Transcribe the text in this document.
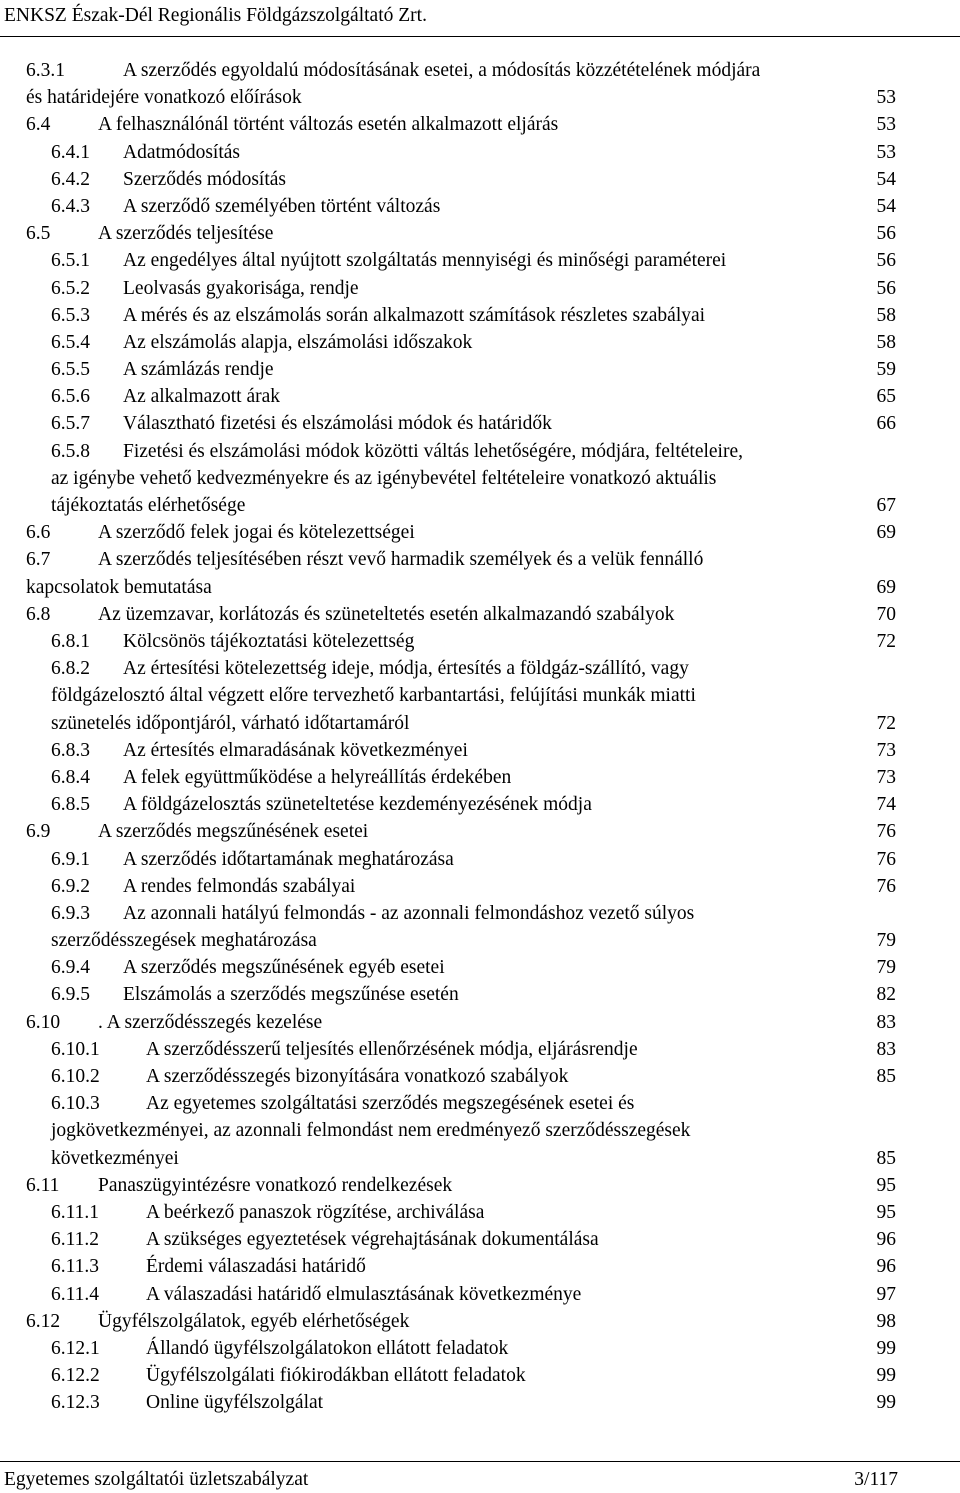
ENKSZ Észak-Dél Regionális Földgázszolgáltató Zrt.
6.3.1	A szerződés egyoldalú módosításának esetei, a módosítás közzétételének módjára
és határidejére vonatkozó előírások	53
6.4 A felhasználónál történt változás esetén alkalmazott eljárás	53
6.4.1 Adatmódosítás	53
6.4.2 Szerződés módosítás	54
6.4.3 A szerződő személyében történt változás	54
6.5 A szerződés teljesítése	56
6.5.1 Az engedélyes által nyújtott szolgáltatás mennyiségi és minőségi paraméterei	56
6.5.2 Leolvasás gyakorisága, rendje	56
6.5.3 A mérés és az elszámolás során alkalmazott számítások részletes szabályai	58
6.5.4 Az elszámolás alapja, elszámolási időszakok	58
6.5.5 A számlázás rendje	59
6.5.6 Az alkalmazott árak	65
6.5.7 Választható fizetési és elszámolási módok és határidők	66
6.5.8 Fizetési és elszámolási módok közötti váltás lehetőségére, módjára, feltételeire,
az igénybe vehető kedvezményekre és az igénybevétel feltételeire vonatkozó aktuális
tájékoztatás elérhetősége	67
6.6 A szerződő felek jogai és kötelezettségei	69
6.7 A szerződés teljesítésében részt vevő harmadik személyek és a velük fennálló
kapcsolatok bemutatása	69
6.8 Az üzemzavar, korlátozás és szüneteltetés esetén alkalmazandó szabályok	70
6.8.1 Kölcsönös tájékoztatási kötelezettség	72
6.8.2 Az értesítési kötelezettség ideje, módja, értesítés a földgáz-szállító, vagy
földgázelosztó által végzett előre tervezhető karbantartási, felújítási munkák miatti
szünetelés időpontjáról, várható időtartamáról	72
6.8.3 Az értesítés elmaradásának következményei	73
6.8.4 A felek együttműködése a helyreállítás érdekében	73
6.8.5 A földgázelosztás szüneteltetése kezdeményezésének módja	74
6.9 A szerződés megszűnésének esetei	76
6.9.1 A szerződés időtartamának meghatározása	76
6.9.2 A rendes felmondás szabályai	76
6.9.3 Az azonnali hatályú felmondás - az azonnali felmondáshoz vezető súlyos
szerződésszegések meghatározása	79
6.9.4 A szerződés megszűnésének egyéb esetei	79
6.9.5 Elszámolás a szerződés megszűnése esetén	82
6.10 . A szerződésszegés kezelése	83
6.10.1 A szerződésszerű teljesítés ellenőrzésének módja, eljárásrendje	83
6.10.2 A szerződésszegés bizonyítására vonatkozó szabályok	85
6.10.3 Az egyetemes szolgáltatási szerződés megszegésének esetei és
jogkövetkezményei, az azonnali felmondást nem eredményező szerződésszegések
következményei	85
6.11 Panaszügyintézésre vonatkozó rendelkezések	95
6.11.1 A beérkező panaszok rögzítése, archiválása	95
6.11.2 A szükséges egyeztetések végrehajtásának dokumentálása	96
6.11.3 Érdemi válaszadási határidő	96
6.11.4 A válaszadási határidő elmulasztásának következménye	97
6.12 Ügyfélszolgálatok, egyéb elérhetőségek	98
6.12.1 Állandó ügyfélszolgálatokon ellátott feladatok	99
6.12.2 Ügyfélszolgálati fiókirodákban ellátott feladatok	99
6.12.3 Online ügyfélszolgálat	99
Egyetemes szolgáltatói üzletszabályzat	3/117
